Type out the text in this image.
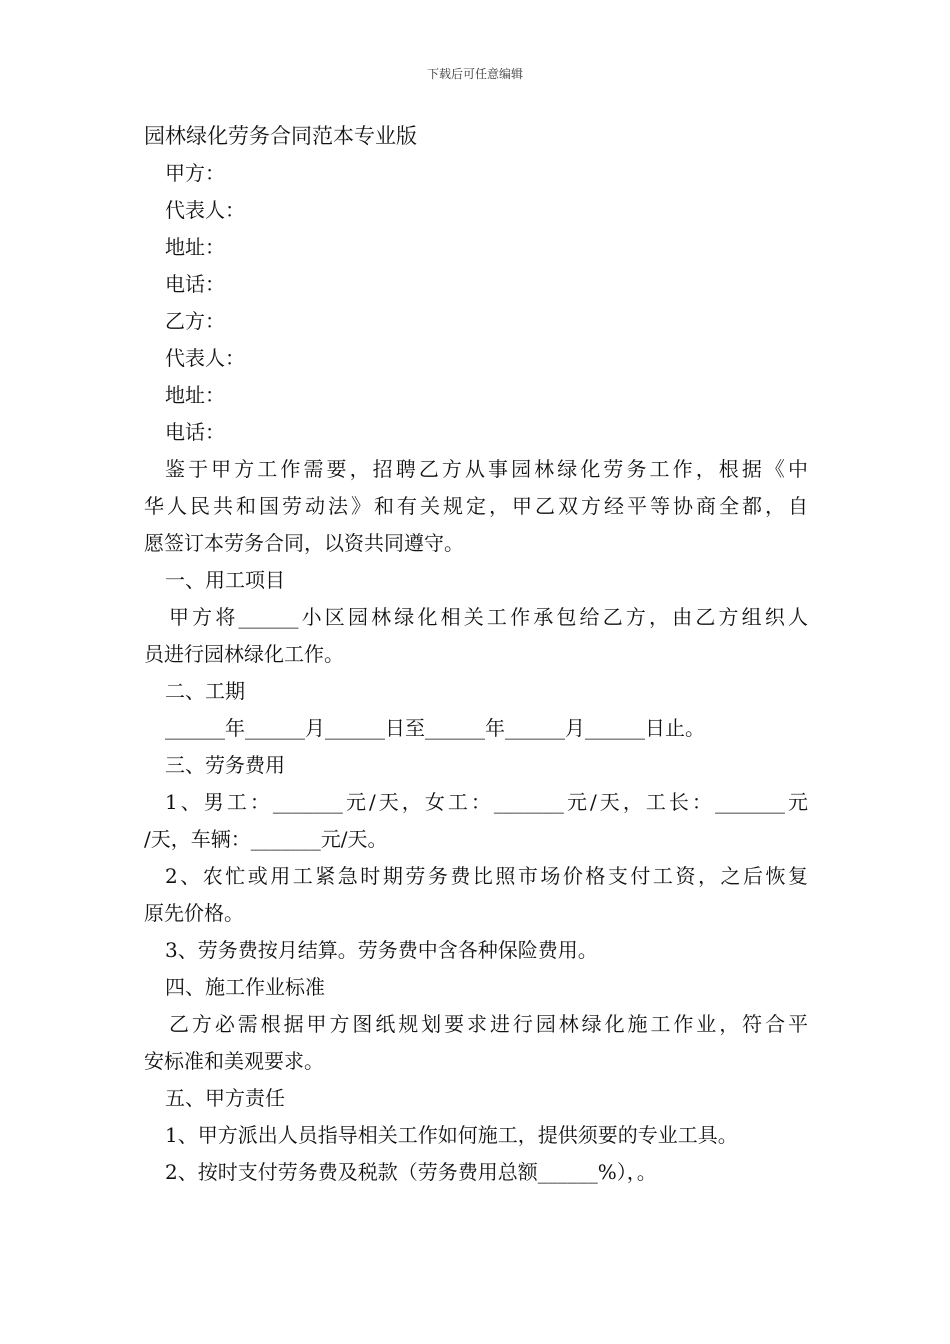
下载后可任意编辑

园林绿化劳务合同范本专业版

甲方：

代表人：

地址：

电话：

乙方：

代表人：

地址：

电话：

鉴于甲方工作需要，招聘乙方从事园林绿化劳务工作，根据《中

华人民共和国劳动法》和有关规定，甲乙双方经平等协商全都，自

愿签订本劳务合同，以资共同遵守。

一、用工项目

甲方将______小区园林绿化相关工作承包给乙方，由乙方组织人

员进行园林绿化工作。

二、工期

______年______月______日至______年______月______日止。

三、劳务费用

1、男工：_______元/天，女工：_______元/天，工长：_______元

/天，车辆：_______元/天。

2、农忙或用工紧急时期劳务费比照市场价格支付工资，之后恢复

原先价格。

3、劳务费按月结算。劳务费中含各种保险费用。

四、施工作业标准

乙方必需根据甲方图纸规划要求进行园林绿化施工作业，符合平

安标准和美观要求。

五、甲方责任

1、甲方派出人员指导相关工作如何施工，提供须要的专业工具。

2、按时支付劳务费及税款（劳务费用总额______%），。
